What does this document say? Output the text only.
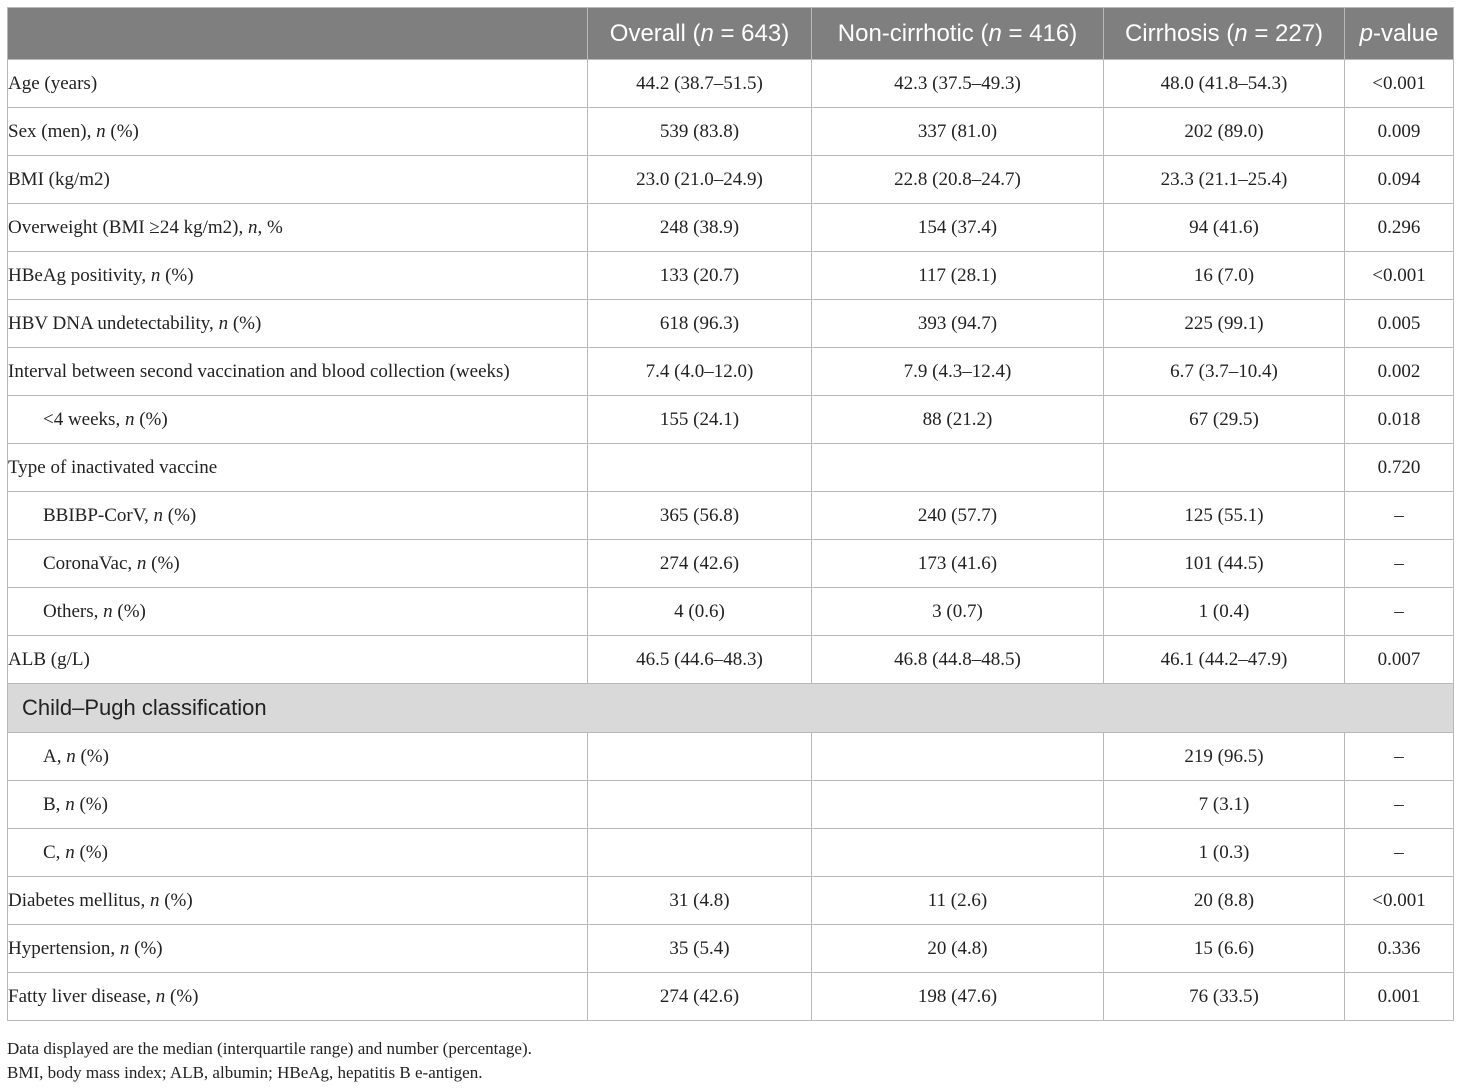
	Overall (n = 643)	Non-cirrhotic (n = 416)	Cirrhosis (n = 227)	p-value
Age (years)	44.2 (38.7–51.5)	42.3 (37.5–49.3)	48.0 (41.8–54.3)	<0.001
Sex (men), n (%)	539 (83.8)	337 (81.0)	202 (89.0)	0.009
BMI (kg/m2)	23.0 (21.0–24.9)	22.8 (20.8–24.7)	23.3 (21.1–25.4)	0.094
Overweight (BMI ≥24 kg/m2), n, %	248 (38.9)	154 (37.4)	94 (41.6)	0.296
HBeAg positivity, n (%)	133 (20.7)	117 (28.1)	16 (7.0)	<0.001
HBV DNA undetectability, n (%)	618 (96.3)	393 (94.7)	225 (99.1)	0.005
Interval between second vaccination and blood collection (weeks)	7.4 (4.0–12.0)	7.9 (4.3–12.4)	6.7 (3.7–10.4)	0.002
<4 weeks, n (%)	155 (24.1)	88 (21.2)	67 (29.5)	0.018
Type of inactivated vaccine				0.720
BBIBP-CorV, n (%)	365 (56.8)	240 (57.7)	125 (55.1)	–
CoronaVac, n (%)	274 (42.6)	173 (41.6)	101 (44.5)	–
Others, n (%)	4 (0.6)	3 (0.7)	1 (0.4)	–
ALB (g/L)	46.5 (44.6–48.3)	46.8 (44.8–48.5)	46.1 (44.2–47.9)	0.007
Child–Pugh classification				
A, n (%)			219 (96.5)	–
B, n (%)			7 (3.1)	–
C, n (%)			1 (0.3)	–
Diabetes mellitus, n (%)	31 (4.8)	11 (2.6)	20 (8.8)	<0.001
Hypertension, n (%)	35 (5.4)	20 (4.8)	15 (6.6)	0.336
Fatty liver disease, n (%)	274 (42.6)	198 (47.6)	76 (33.5)	0.001
Data displayed are the median (interquartile range) and number (percentage).
BMI, body mass index; ALB, albumin; HBeAg, hepatitis B e-antigen.
